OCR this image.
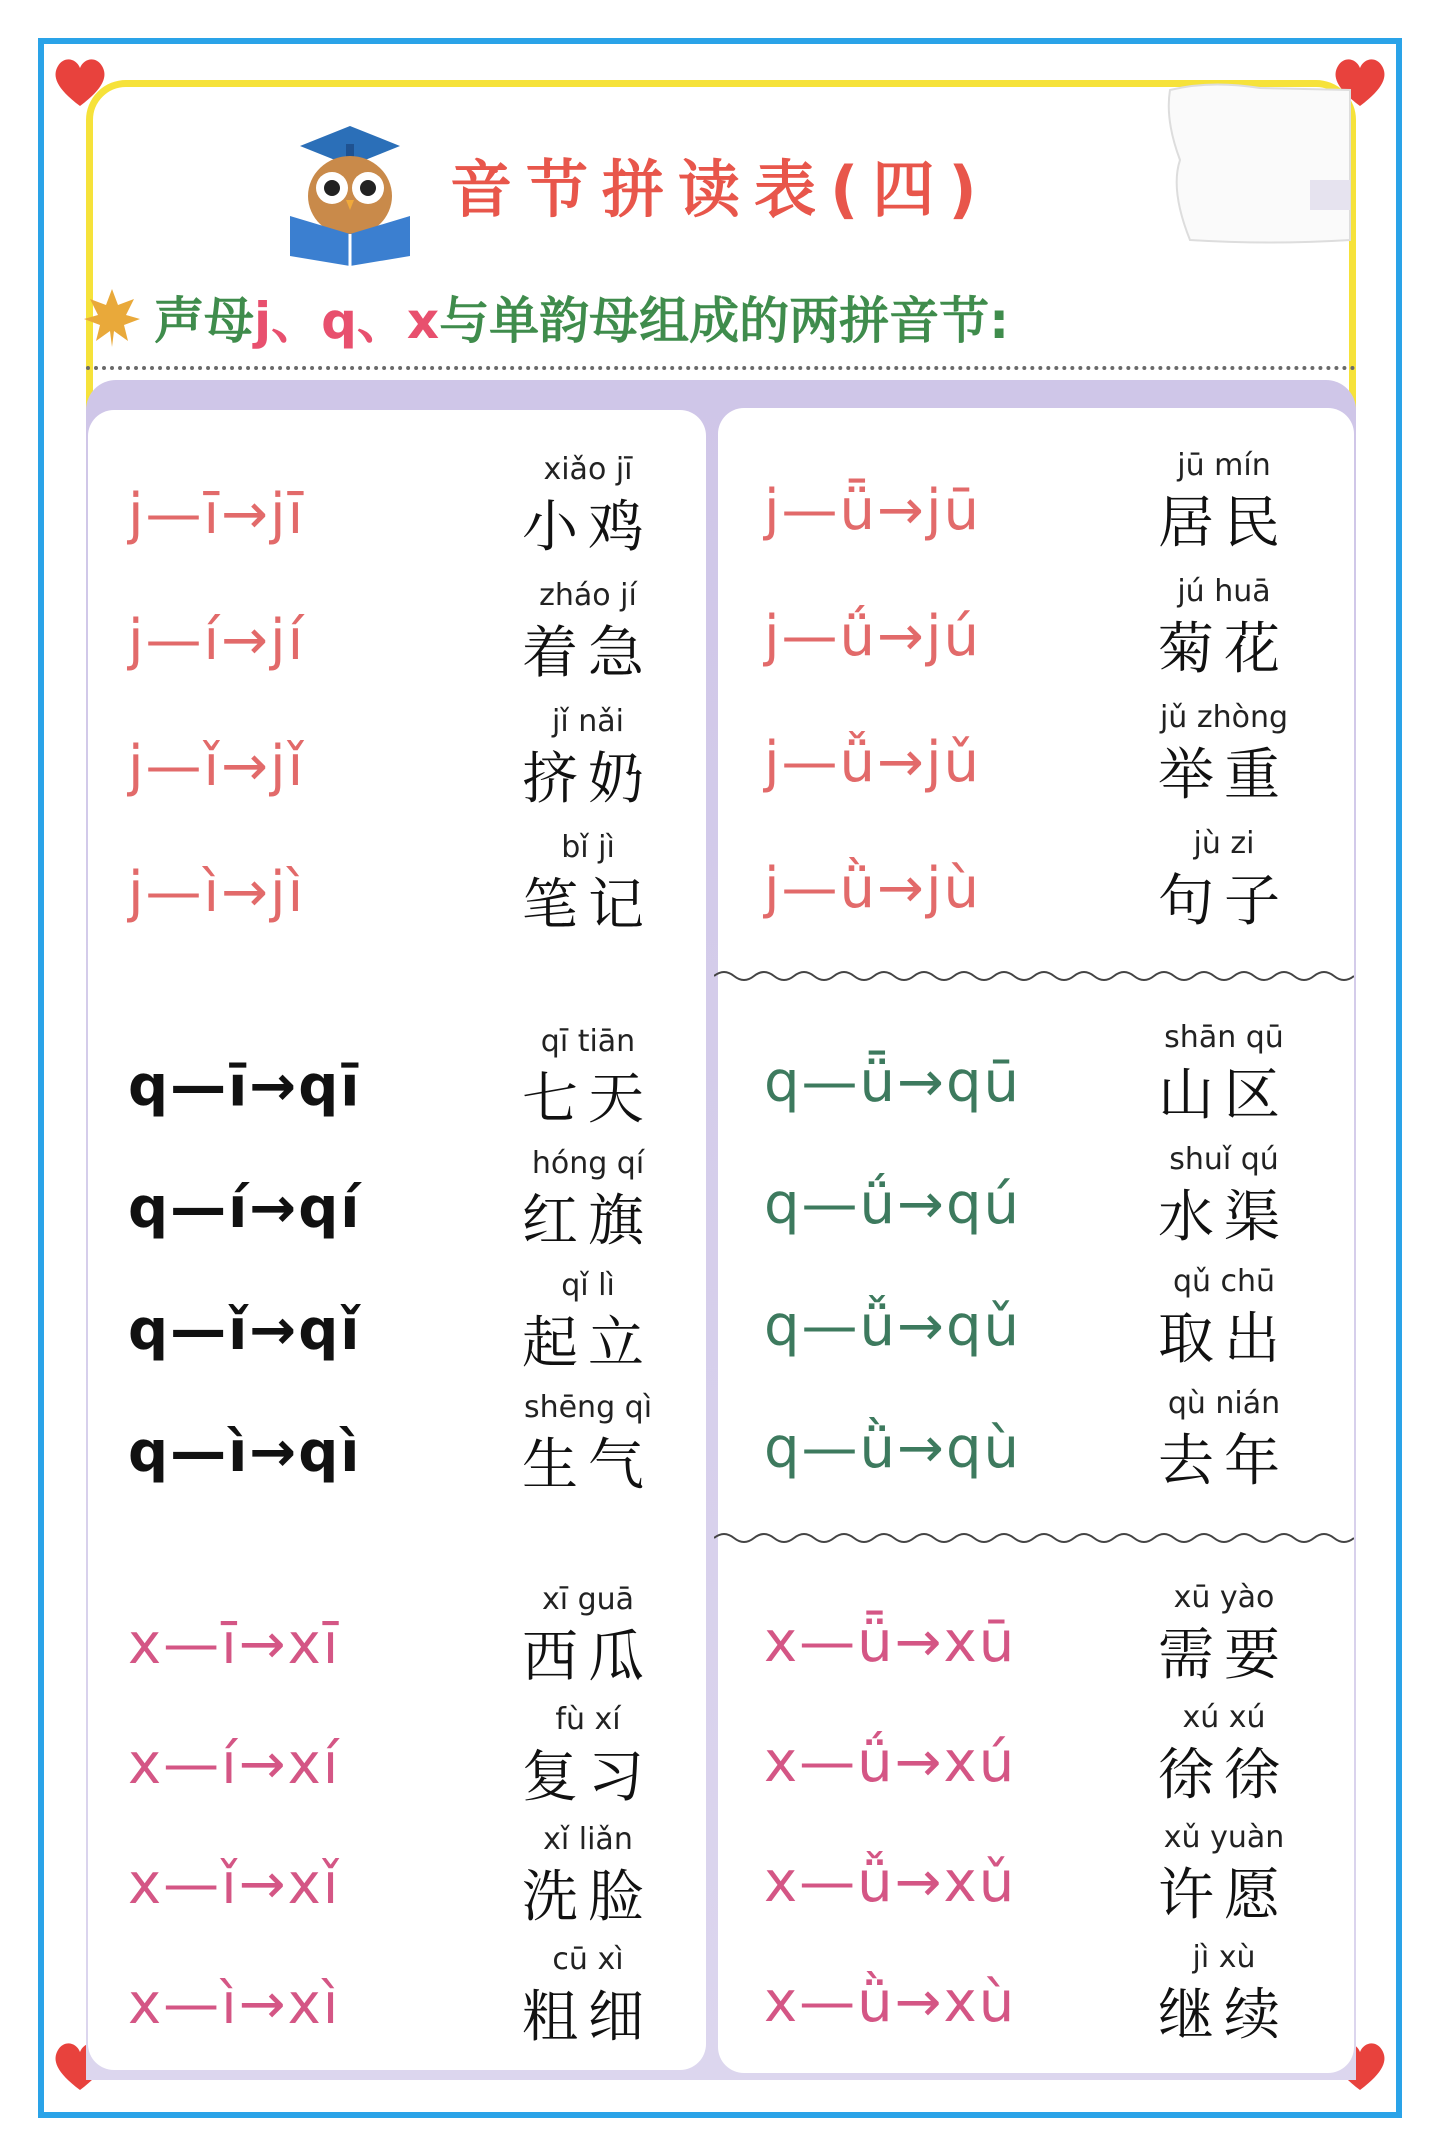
音节拼读表(四)
声母j、q、x与单韵母组成的两拼音节:
j—ī→jī
xiǎo jī
小鸡
j—í→jí
zháo jí
着急
j—ǐ→jǐ
jǐ nǎi
挤奶
j—ì→jì
bǐ jì
笔记
q—ī→qī
qī tiān
七天
q—í→qí
hóng qí
红旗
q—ǐ→qǐ
qǐ lì
起立
q—ì→qì
shēng qì
生气
x—ī→xī
xī guā
西瓜
x—í→xí
fù xí
复习
x—ǐ→xǐ
xǐ liǎn
洗脸
x—ì→xì
cū xì
粗细
j—ǖ→jū
jū mín
居民
j—ǘ→jú
jú huā
菊花
j—ǚ→jǔ
jǔ zhòng
举重
j—ǜ→jù
jù zi
句子
q—ǖ→qū
shān qū
山区
q—ǘ→qú
shuǐ qú
水渠
q—ǚ→qǔ
qǔ chū
取出
q—ǜ→qù
qù nián
去年
x—ǖ→xū
xū yào
需要
x—ǘ→xú
xú xú
徐徐
x—ǚ→xǔ
xǔ yuàn
许愿
x—ǜ→xù
jì xù
继续
